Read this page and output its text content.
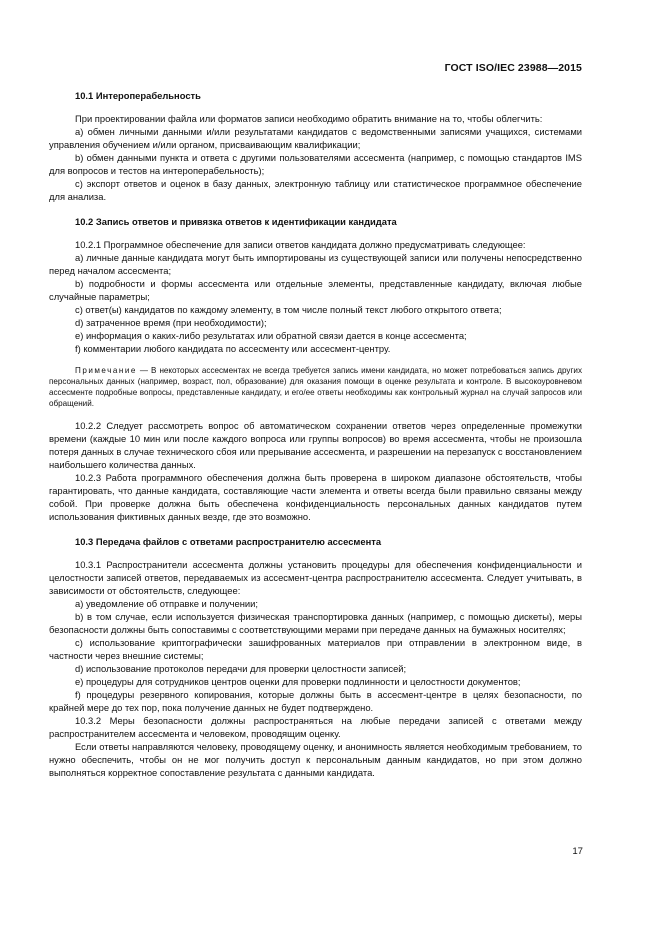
ГОСТ ISO/IEC 23988—2015
10.1 Интероперабельность

При проектировании файла или форматов записи необходимо обратить внимание на то, чтобы облегчить:

a) обмен личными данными и/или результатами кандидатов с ведомственными записями учащихся, системами управления обучением и/или органом, присваивающим квалификации;

b) обмен данными пункта и ответа с другими пользователями ассесмента (например, с помощью стандартов IMS для вопросов и тестов на интероперабельность);

c) экспорт ответов и оценок в базу данных, электронную таблицу или статистическое программное обеспечение для анализа.

10.2 Запись ответов и привязка ответов к идентификации кандидата

10.2.1 Программное обеспечение для записи ответов кандидата должно предусматривать следующее:

a) личные данные кандидата могут быть импортированы из существующей записи или получены непосредственно перед началом ассесмента;

b) подробности и формы ассесмента или отдельные элементы, представленные кандидату, включая любые случайные параметры;

c) ответ(ы) кандидатов по каждому элементу, в том числе полный текст любого открытого ответа;

d) затраченное время (при необходимости);

e) информация о каких-либо результатах или обратной связи дается в конце ассесмента;

f) комментарии любого кандидата по ассесменту или ассесмент-центру.

Примечание — В некоторых ассесментах не всегда требуется запись имени кандидата, но может потребоваться запись других персональных данных (например, возраст, пол, образование) для оказания помощи в оценке результата и контроле. В высокоуровневом ассесменте подробные вопросы, представленные кандидату, и его/ее ответы необходимы как контрольный журнал на случай запросов или обращений.

10.2.2 Следует рассмотреть вопрос об автоматическом сохранении ответов через определенные промежутки времени (каждые 10 мин или после каждого вопроса или группы вопросов) во время ассесмента, чтобы не произошла потеря данных в случае технического сбоя или прерывание ассесмента, и разрешении на перезапуск с восстановлением наибольшего количества данных.

10.2.3 Работа программного обеспечения должна быть проверена в широком диапазоне обстоятельств, чтобы гарантировать, что данные кандидата, составляющие части элемента и ответы всегда были правильно связаны между собой. При проверке должна быть обеспечена конфиденциальность персональных данных кандидатов путем использования фиктивных данных везде, где это возможно.

10.3 Передача файлов с ответами распространителю ассесмента

10.3.1 Распространители ассесмента должны установить процедуры для обеспечения конфиденциальности и целостности записей ответов, передаваемых из ассесмент-центра распространителю ассесмента. Следует учитывать, в зависимости от обстоятельств, следующее:

a) уведомление об отправке и получении;

b) в том случае, если используется физическая транспортировка данных (например, с помощью дискеты), меры безопасности должны быть сопоставимы с соответствующими мерами при передаче данных на бумажных носителях;

c) использование криптографически зашифрованных материалов при отправлении в электронном виде, в частности через внешние системы;

d) использование протоколов передачи для проверки целостности записей;

e) процедуры для сотрудников центров оценки для проверки подлинности и целостности документов;

f) процедуры резервного копирования, которые должны быть в ассесмент-центре в целях безопасности, по крайней мере до тех пор, пока получение данных не будет подтверждено.

10.3.2 Меры безопасности должны распространяться на любые передачи записей с ответами между распространителем ассесмента и человеком, проводящим оценку.

Если ответы направляются человеку, проводящему оценку, и анонимность является необходимым требованием, то нужно обеспечить, чтобы он не мог получить доступ к персональным данным кандидатов, но при этом должно выполняться корректное сопоставление результата с данными кандидата.

17
